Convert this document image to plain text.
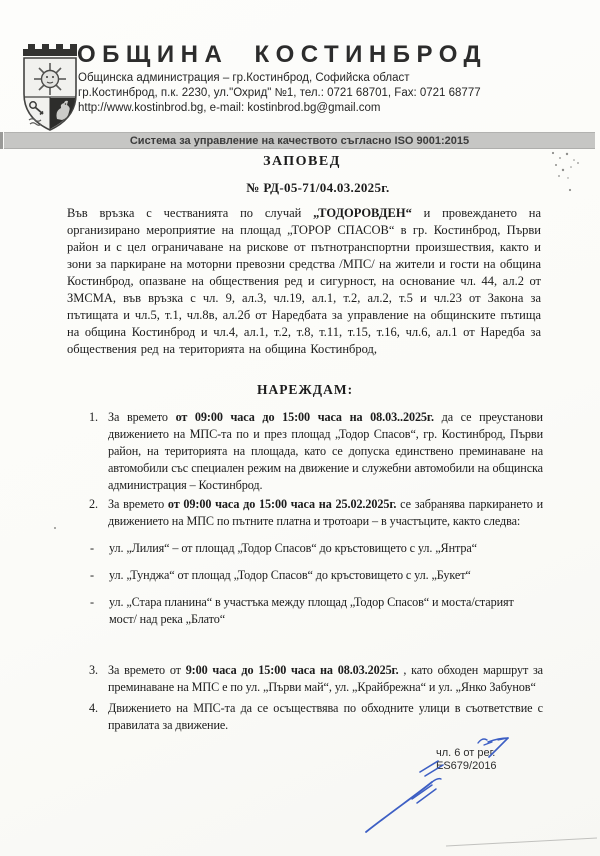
ОБЩИНА КОСТИНБРОД
Общинска администрация – гр.Костинброд, Софийска област
гр.Костинброд, п.к. 2230, ул."Охрид" №1, тел.: 0721 68701, Fax: 0721 68777
http://www.kostinbrod.bg, e-mail: kostinbrod.bg@gmail.com
Система за управление на качеството съгласно ISO 9001:2015
ЗАПОВЕД
№ РД-05-71/04.03.2025г.
Във връзка с честванията по случай „ТОДОРОВДЕН“ и провеждането на организирано мероприятие на площад „ТОРОР СПАСОВ“ в гр. Костинброд, Първи район и с цел ограничаване на рискове от пътнотранспортни произшествия, както и зони за паркиране на моторни превозни средства /МПС/ на жители и гости на община Костинброд, опазване на обществения ред и сигурност, на основание чл. 44, ал.2 от ЗМСМА, във връзка с чл. 9, ал.3, чл.19, ал.1, т.2, ал.2, т.5 и чл.23 от Закона за пътищата и чл.5, т.1, чл.8в, ал.2б от Наредбата за управление на общинските пътища на община Костинброд и чл.4, ал.1, т.2, т.8, т.11, т.15, т.16, чл.6, ал.1 от Наредба за обществения ред на територията на община Костинброд,
НАРЕЖДАМ:
1. За времето от 09:00 часа до 15:00 часа на 08.03..2025г. да се преустанови движението на МПС-та по и през площад „Тодор Спасов“, гр. Костинброд, Първи район, на територията на площада, като се допуска единствено преминаване на автомобили със специален режим на движение и служебни автомобили на общинска администрация – Костинброд.

2. За времето от 09:00 часа до 15:00 часа на 25.02.2025г. се забранява паркирането и движението на МПС по пътните платна и тротоари – в участъците, както следва:

-	ул. „Лилия“ – от площад „Тодор Спасов“ до кръстовището с ул. „Янтра“
-	ул. „Тунджа“ от площад „Тодор Спасов“ до кръстовището с ул. „Букет“
-	ул. „Стара планина“ в участъка между площад „Тодор Спасов“ и моста/старият мост/ над река „Блато“
3. За времето от 9:00 часа до 15:00 часа на 08.03.2025г. , като обходен маршрут за преминаване на МПС е по ул. „Първи май“, ул. „Крайбрежна“ и ул. „Янко Забунов“

4. Движението на МПС-та да се осъществява по обходните улици в съответствие с правилата за движение.

чл. 6 от рег.
ES679/2016
